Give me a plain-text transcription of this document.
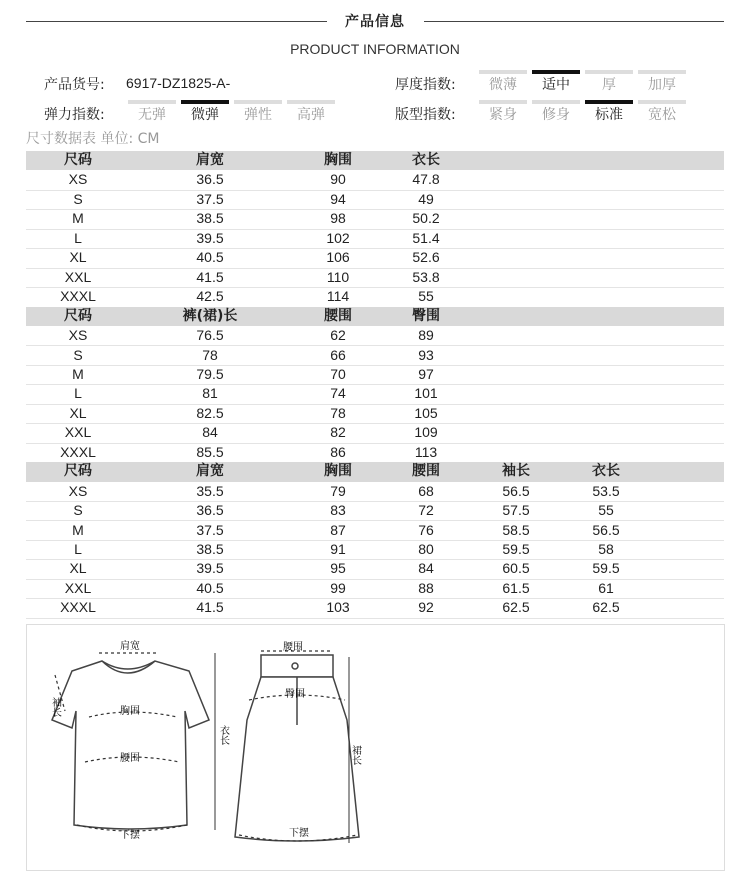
产品信息
PRODUCT INFORMATION
产品货号: 6917-DZ1825-A-	厚度指数:	微薄	适中	厚	加厚
弹力指数:	无弹	微弹	弹性	高弹	版型指数:	紧身	修身	标准	宽松
尺寸数据表 单位: CM
尺码	肩宽	胸围	衣长
XS	36.5	90	47.8
S	37.5	94	49
M	38.5	98	50.2
L	39.5	102	51.4
XL	40.5	106	52.6
XXL	41.5	110	53.8
XXXL	42.5	114	55
尺码	裤(裙)长	腰围	臀围
XS	76.5	62	89
S	78	66	93
M	79.5	70	97
L	81	74	101
XL	82.5	78	105
XXL	84	82	109
XXXL	85.5	86	113
尺码	肩宽	胸围	腰围	袖长	衣长
XS	35.5	79	68	56.5	53.5
S	36.5	83	72	57.5	55
M	37.5	87	76	58.5	56.5
L	38.5	91	80	59.5	58
XL	39.5	95	84	60.5	59.5
XXL	40.5	99	88	61.5	61
XXXL	41.5	103	92	62.5	62.5
肩宽
胸围
腰围
下摆
袖长
衣长
腰围
臀围
下摆
裙长
